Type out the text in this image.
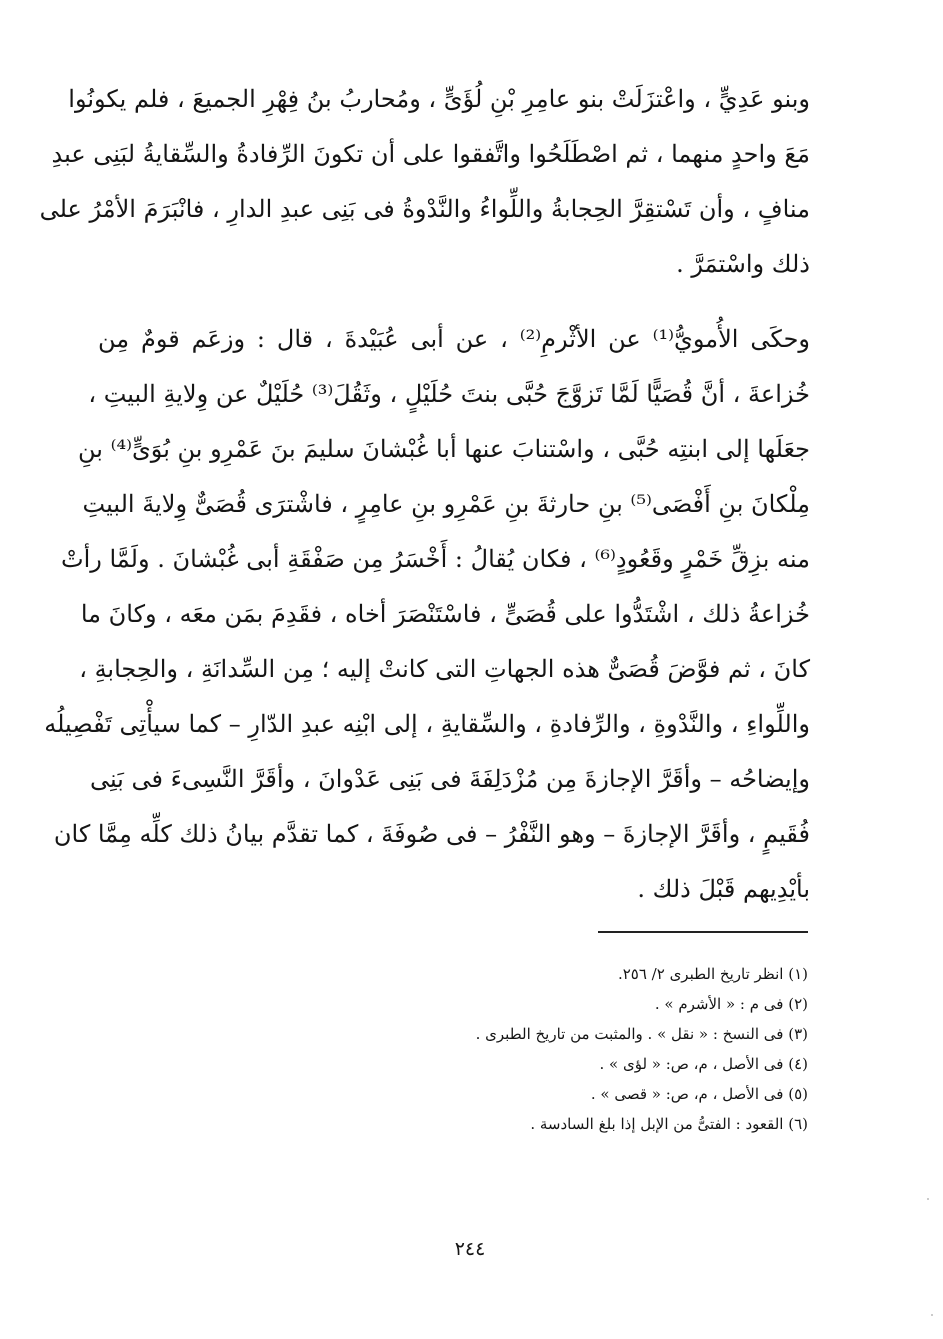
وبنو عَدِيٍّ ، واعْتزَلَتْ بنو عامِرِ بْنِ لُؤَىٍّ ، ومُحاربُ بنُ فِهْرِ الجميعَ ، فلم يكونُوا
مَعَ واحدٍ منهما ، ثم اصْطَلَحُوا واتَّفقوا على أن تكونَ الرِّفادةُ والسِّقايةُ لبَنِى عبدِ
منافٍ ، وأن تَسْتقِرَّ الحِجابةُ واللِّواءُ والنَّدْوةُ فى بَنِى عبدِ الدارِ ، فانْبَرَمَ الأمْرُ على
ذلك واسْتمَرَّ .
وحكَى الأُمويُّ⁽¹⁾ عن الأثْرمِ⁽²⁾ ، عن أبى عُبَيْدةَ ، قال : وزعَم قومٌ مِن
خُزاعةَ ، أنَّ قُصَيًّا لَمَّا تَزوَّجَ حُبَّى بنتَ حُلَيْلٍ ، وثَقُلَ⁽³⁾ حُلَيْلٌ عن وِلايةِ البيتِ ،
جعَلَها إلى ابنتِه حُبَّى ، واسْتنابَ عنها أبا غُبْشانَ سليمَ بنَ عَمْرِو بنِ بُوَىٍّ⁽⁴⁾ بنِ
مِلْكانَ بنِ أَفْصَى⁽⁵⁾ بنِ حارثةَ بنِ عَمْرِو بنِ عامِرٍ ، فاشْترَى قُصَىٌّ وِلايةَ البيتِ
منه بزِقِّ خَمْرٍ وقَعُودٍ⁽⁶⁾ ، فكان يُقالُ : أَخْسَرُ مِن صَفْقَةِ أبى غُبْشانَ . ولَمَّا رأتْ
خُزاعةُ ذلك ، اشْتَدُّوا على قُصَىٍّ ، فاسْتَنْصَرَ أخاه ، فقَدِمَ بمَن معَه ، وكانَ ما
كانَ ، ثم فوَّضَ قُصَىٌّ هذه الجهاتِ التى كانتْ إليه ؛ مِن السِّدانَةِ ، والحِجابةِ ،
واللِّواءِ ، والنَّدْوةِ ، والرِّفادةِ ، والسِّقايةِ ، إلى ابْنِه عبدِ الدّارِ – كما سيأْتِى تَفْصِيلُه
وإيضاحُه – وأقَرَّ الإجازةَ مِن مُزْدَلِفَةَ فى بَنِى عَدْوانَ ، وأقَرَّ النَّسِىءَ فى بَنِى
فُقَيمٍ ، وأقَرَّ الإجازةَ – وهو النَّفْرُ – فى صُوفَةَ ، كما تقدَّم بيانُ ذلك كلِّه مِمَّا كان
بأيْدِيهم قَبْلَ ذلك .
(١) انظر تاريخ الطبرى ٢/ ٢٥٦.
(٢) فى م : « الأشرم » .
(٣) فى النسخ : « نقل » . والمثبت من تاريخ الطبرى .
(٤) فى الأصل ، م، ص: « لؤى » .
(٥) فى الأصل ، م، ص: « قصى » .
(٦) القعود : الفتىُّ من الإبل إذا بلغ السادسة .
٢٤٤
